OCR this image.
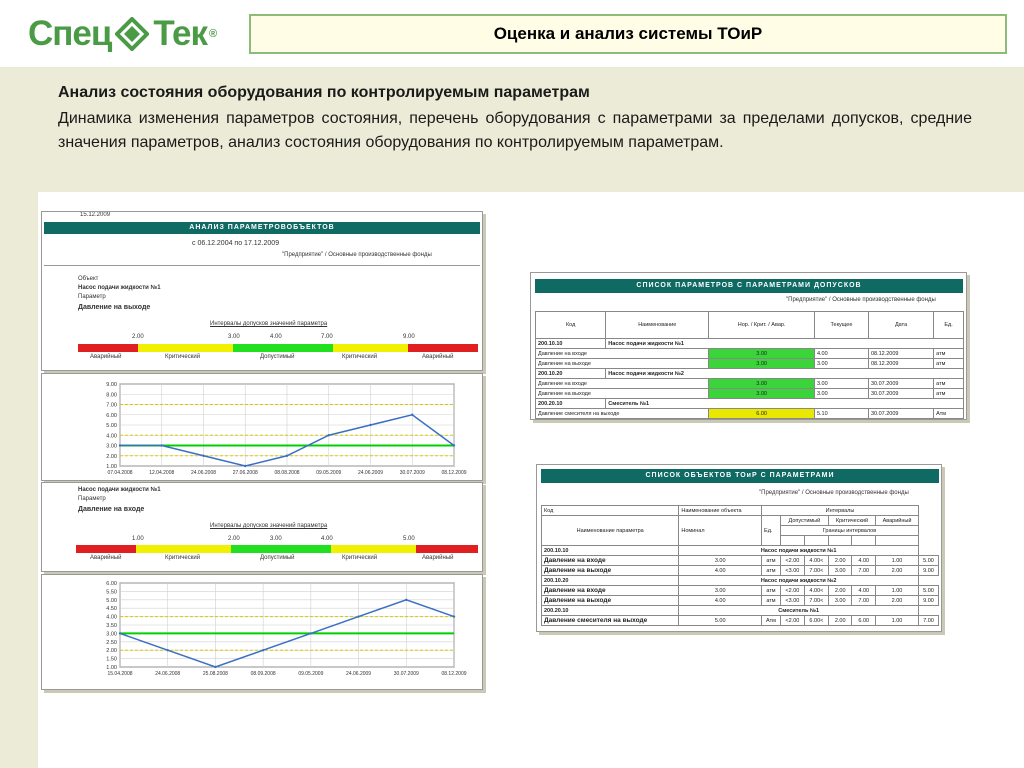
Спец Тек ®	Оценка и анализ системы ТОиР
Анализ состояния оборудования по контролируемым параметрам
Динамика изменения параметров состояния, перечень оборудования с параметрами за пределами допусков, средние значения параметров, анализ состояния оборудования по контролируемым параметрам.
15.12.2009
АНАЛИЗ ПАРАМЕТРОВОБЪЕКТОВ
с 06.12.2004 по 17.12.2009
"Предприятие" / Основные производственные фонды
Объект
Насос подачи жидкости №1
Параметр
Давление на выходе
Интервалы допусков значений параметра
2.00	3.00	4.00	7.00	9.00
Аварийный	Критический	Допустимый	Критический	Аварийный
9.00
8.00
7.00
6.00
5.00
4.00
3.00
2.00
1.00
07.04.2008	12.04.2008	24.06.2008	27.06.2008	08.08.2008	09.05.2009	24.06.2009	30.07.2009	08.12.2009
Насос подачи жидкости №1
Параметр
Давление на входе
Интервалы допусков значений параметра
1.00	2.00	3.00	4.00	5.00
Аварийный	Критический	Допустимый	Критический	Аварийный
6.00
5.50
5.00
4.50
4.00
3.50
3.00
2.50
2.00
1.50
1.00
15.04.2008	24.06.2008	25.08.2008	08.09.2008	09.05.2009	24.06.2009	30.07.2009	08.12.2009
СПИСОК ПАРАМЕТРОВ С ПАРАМЕТРАМИ ДОПУСКОВ
"Предприятие" / Основные производственные фонды
Код	Наименование	Нор. / Крит. / Авар.	Текущее	Дата	Ед.
200.10.10	Насос подачи жидкости №1				
Давление на входе		3.00	4.00	08.12.2009	атм
Давление на выходе		3.00	3.00	08.12.2009	атм
200.10.20	Насос подачи жидкости №2				
Давление на входе		3.00	3.00	30.07.2009	атм
Давление на выходе		3.00	3.00	30.07.2009	атм
200.20.10	Смеситель №1				
Давление смесителя на выходе		6.00	5.10	30.07.2009	Атм
СПИСОК ОБЪЕКТОВ ТОиР С ПАРАМЕТРАМИ
"Предприятие" / Основные производственные фонды
Код	Наименование объекта	Интервалы						
Наименование параметра	Номинал	Ед.	Допустимый		Критический		Аварийный	
			Границы интервалов					

200.10.10	Насос подачи жидкости №1							
Давление на входе	3.00	атм	<2.00	4.00<	2.00	4.00	1.00	5.00
Давление на выходе	4.00	атм	<3.00	7.00<	3.00	7.00	2.00	9.00
200.10.20	Насос подачи жидкости №2							
Давление на входе	3.00	атм	<2.00	4.00<	2.00	4.00	1.00	5.00
Давление на выходе	4.00	атм	<3.00	7.00<	3.00	7.00	2.00	9.00
200.20.10	Смеситель №1							
Давление смесителя на выходе	5.00	Атм	<2.00	6.00<	2.00	6.00	1.00	7.00
